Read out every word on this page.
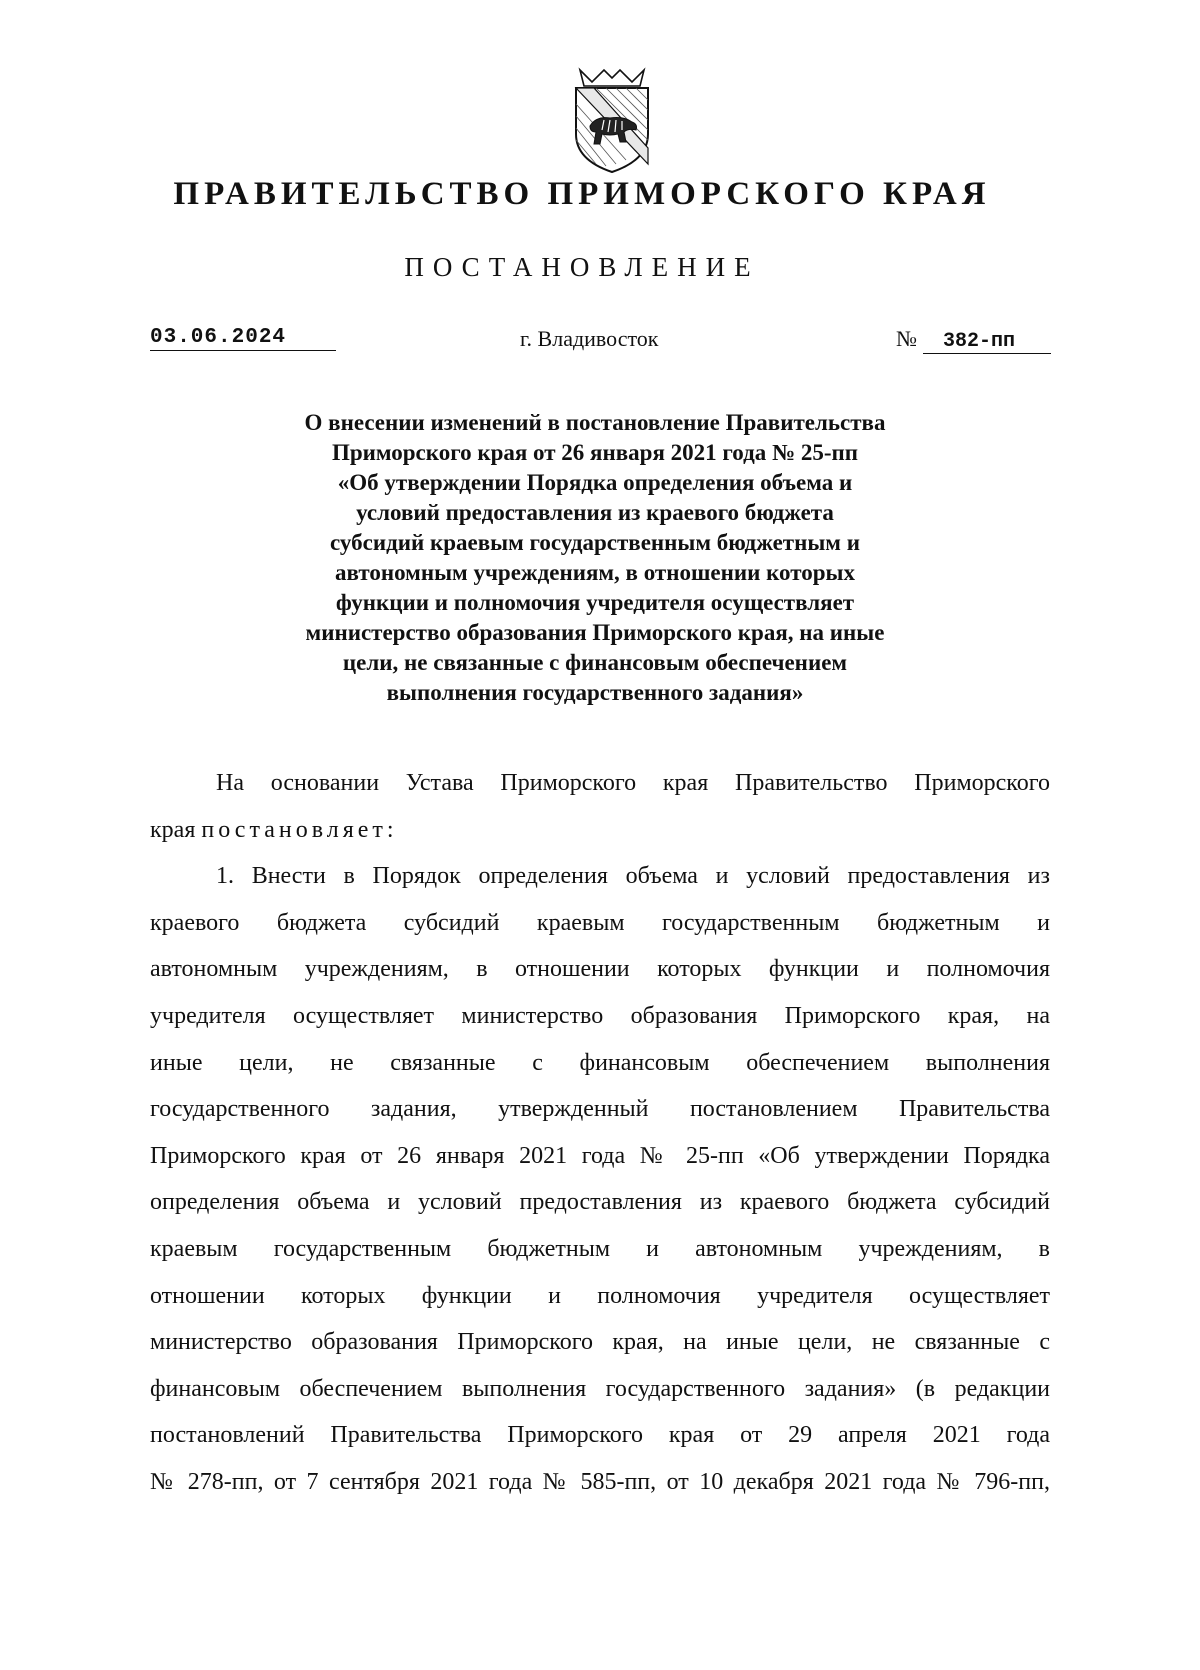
ПРАВИТЕЛЬСТВО ПРИМОРСКОГО КРАЯ
ПОСТАНОВЛЕНИЕ
03.06.2024	г. Владивосток	№ 382-пп
О внесении изменений в постановление Правительства
Приморского края от 26 января 2021 года № 25-пп
«Об утверждении Порядка определения объема и
условий предоставления из краевого бюджета
субсидий краевым государственным бюджетным и
автономным учреждениям, в отношении которых
функции и полномочия учредителя осуществляет
министерство образования Приморского края, на иные
цели, не связанные с финансовым обеспечением
выполнения государственного задания»
На основании Устава Приморского края Правительство Приморского
края постановляет:
1. Внести в Порядок определения объема и условий предоставления из
краевого бюджета субсидий краевым государственным бюджетным и
автономным учреждениям, в отношении которых функции и полномочия
учредителя осуществляет министерство образования Приморского края, на
иные цели, не связанные с финансовым обеспечением выполнения
государственного задания, утвержденный постановлением Правительства
Приморского края от 26 января 2021 года № 25-пп «Об утверждении Порядка
определения объема и условий предоставления из краевого бюджета субсидий
краевым государственным бюджетным и автономным учреждениям, в
отношении которых функции и полномочия учредителя осуществляет
министерство образования Приморского края, на иные цели, не связанные с
финансовым обеспечением выполнения государственного задания» (в редакции
постановлений Правительства Приморского края от 29 апреля 2021 года
№ 278-пп, от 7 сентября 2021 года № 585-пп, от 10 декабря 2021 года № 796-пп,
